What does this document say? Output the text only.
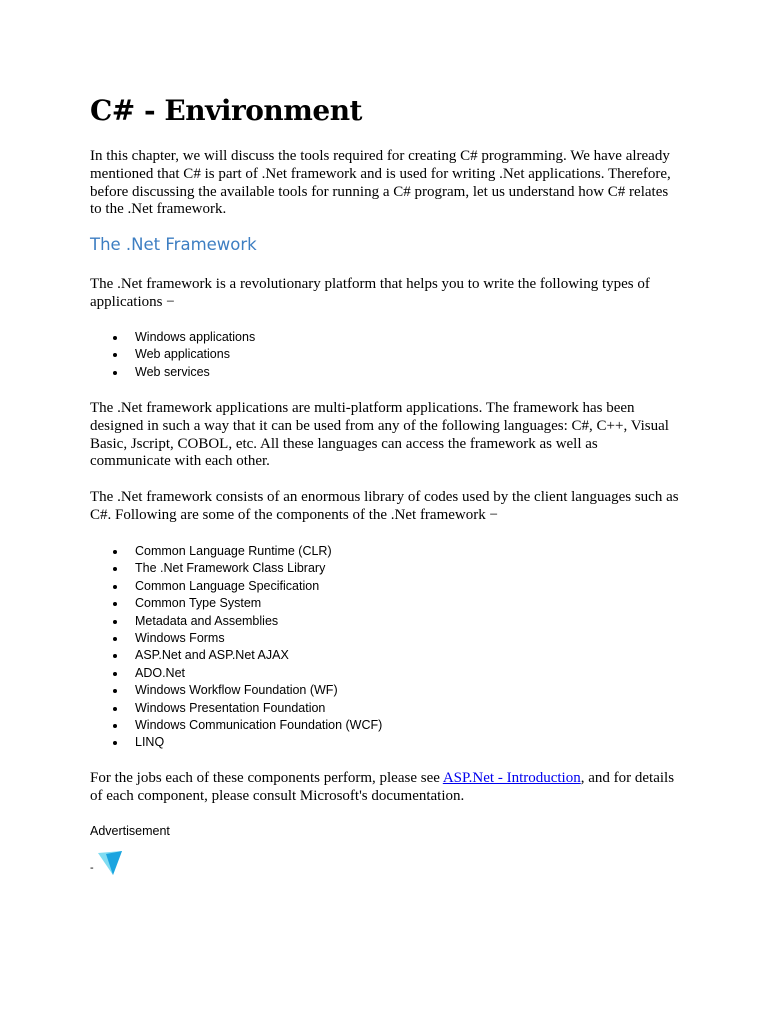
C# - Environment

In this chapter, we will discuss the tools required for creating C# programming. We have already mentioned that C# is part of .Net framework and is used for writing .Net applications. Therefore, before discussing the available tools for running a C# program, let us understand how C# relates to the .Net framework.

The .Net Framework

The .Net framework is a revolutionary platform that helps you to write the following types of applications −

Windows applications
Web applications
Web services

The .Net framework applications are multi-platform applications. The framework has been designed in such a way that it can be used from any of the following languages: C#, C++, Visual Basic, Jscript, COBOL, etc. All these languages can access the framework as well as communicate with each other.

The .Net framework consists of an enormous library of codes used by the client languages such as C#. Following are some of the components of the .Net framework −

Common Language Runtime (CLR)
The .Net Framework Class Library
Common Language Specification
Common Type System
Metadata and Assemblies
Windows Forms
ASP.Net and ASP.Net AJAX
ADO.Net
Windows Workflow Foundation (WF)
Windows Presentation Foundation
Windows Communication Foundation (WCF)
LINQ

For the jobs each of these components perform, please see ASP.Net - Introduction, and for details of each component, please consult Microsoft's documentation.

Advertisement
-
